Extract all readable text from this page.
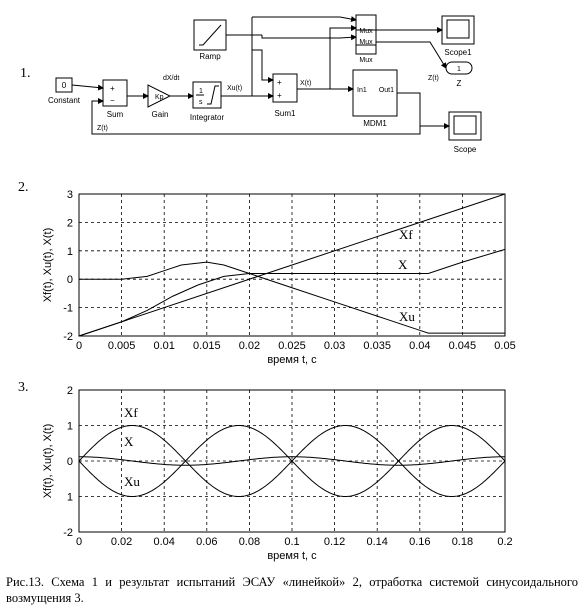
1.
2.
3.
0
Constant
+
−
Sum
Kp
Gain
1
s
Integrator
Ramp
+
+
Sum1
In1 Out1
MDM1
Mux
Mux
Mux
Scope1
1
Z
Scope
dX/dt
Xu(t)
X(t)
Z(t)
Z(t)
0 0.005 0.01 0.015 0.02 0.025 0.03 0.035 0.04 0.045 0.05
-2
-1
0
1
2
3
время t, c
Xf(t), Xu(t), X(t)	Xf
X
Xu
0	0.02 0.04 0.06 0.08 0.1 0.12 0.14 0.16 0.18 0.2
-2
1
0
1
2
время t, c
Xf(t), Xu(t), X(t)
Xf
X
Xu
Рис.13. Схема 1 и результат испытаний ЭСАУ «линейкой» 2, отработка системой синусоидального возмущения 3.
